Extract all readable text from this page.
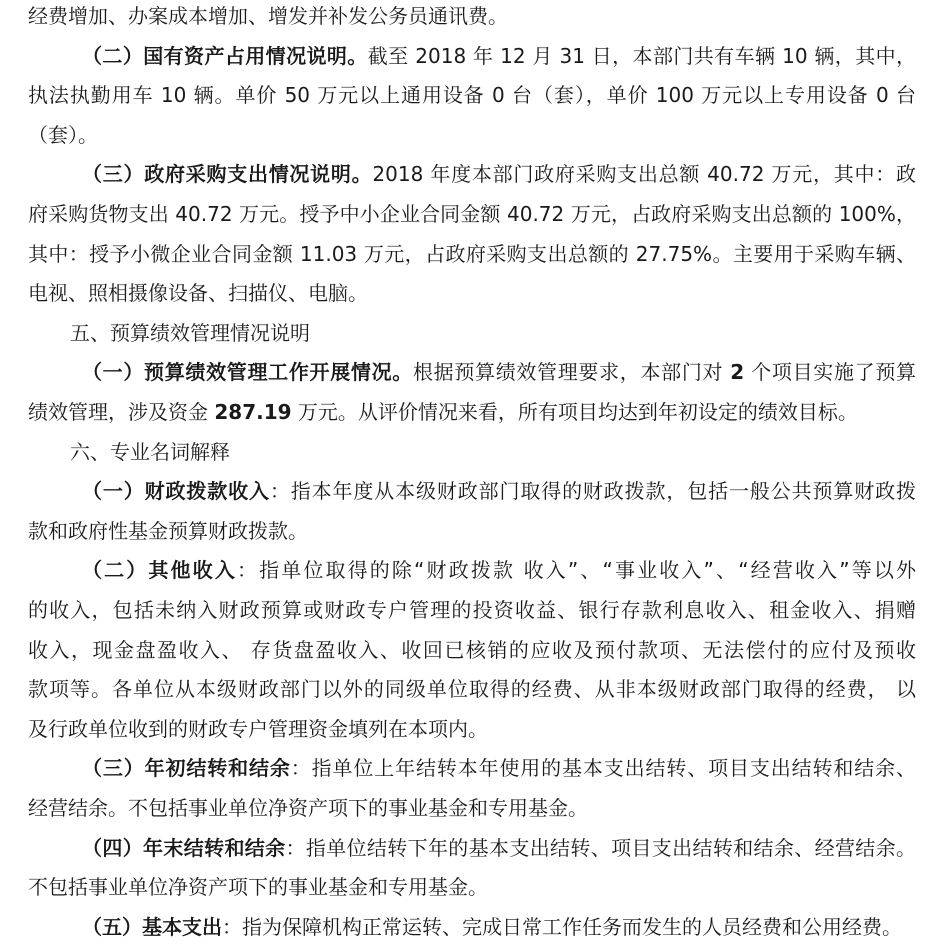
经费增加、办案成本增加、增发并补发公务员通讯费。
（二）国有资产占用情况说明。截至 2018 年 12 月 31 日，本部门共有车辆 10 辆，其中，
执法执勤用车 10 辆。单价 50 万元以上通用设备 0 台（套），单价 100 万元以上专用设备 0 台
（套）。
（三）政府采购支出情况说明。2018 年度本部门政府采购支出总额 40.72 万元，其中：政
府采购货物支出 40.72 万元。授予中小企业合同金额 40.72 万元，占政府采购支出总额的 100%，
其中：授予小微企业合同金额 11.03 万元，占政府采购支出总额的 27.75%。主要用于采购车辆、
电视、照相摄像设备、扫描仪、电脑。
五、预算绩效管理情况说明
（一）预算绩效管理工作开展情况。根据预算绩效管理要求，本部门对 2 个项目实施了预算
绩效管理，涉及资金 287.19 万元。从评价情况来看，所有项目均达到年初设定的绩效目标。
六、专业名词解释
（一）财政拨款收入：指本年度从本级财政部门取得的财政拨款，包括一般公共预算财政拨
款和政府性基金预算财政拨款。
（二）其他收入：指单位取得的除“财政拨款 收入”、“事业收入”、“经营收入”等以外
的收入，包括未纳入财政预算或财政专户管理的投资收益、银行存款利息收入、租金收入、捐赠
收入，现金盘盈收入、 存货盘盈收入、收回已核销的应收及预付款项、无法偿付的应付及预收
款项等。各单位从本级财政部门以外的同级单位取得的经费、从非本级财政部门取得的经费， 以
及行政单位收到的财政专户管理资金填列在本项内。
（三）年初结转和结余：指单位上年结转本年使用的基本支出结转、项目支出结转和结余、
经营结余。不包括事业单位净资产项下的事业基金和专用基金。
（四）年末结转和结余：指单位结转下年的基本支出结转、项目支出结转和结余、经营结余。
不包括事业单位净资产项下的事业基金和专用基金。
（五）基本支出：指为保障机构正常运转、完成日常工作任务而发生的人员经费和公用经费。
